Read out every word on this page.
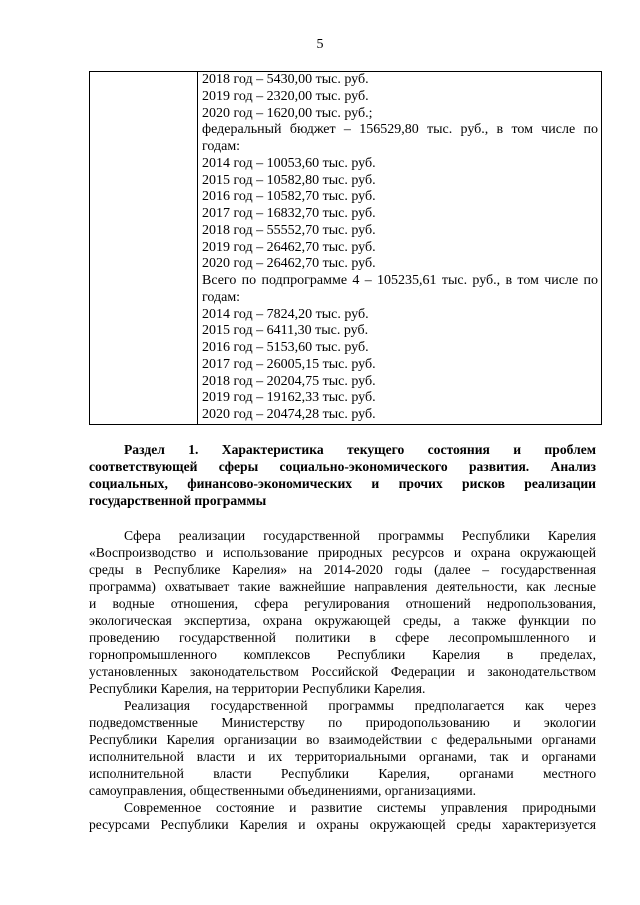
5

2018 год – 5430,00 тыс. руб.
2019 год – 2320,00 тыс. руб.
2020 год – 1620,00 тыс. руб.;
федеральный бюджет – 156529,80 тыс. руб., в том числе по
годам:
2014 год – 10053,60 тыс. руб.
2015 год – 10582,80 тыс. руб.
2016 год – 10582,70 тыс. руб.
2017 год – 16832,70 тыс. руб.
2018 год – 55552,70 тыс. руб.
2019 год – 26462,70 тыс. руб.
2020 год – 26462,70 тыс. руб.
Всего по подпрограмме 4 – 105235,61 тыс. руб., в том числе по
годам:
2014 год – 7824,20 тыс. руб.
2015 год – 6411,30 тыс. руб.
2016 год – 5153,60 тыс. руб.
2017 год – 26005,15 тыс. руб.
2018 год – 20204,75 тыс. руб.
2019 год – 19162,33 тыс. руб.
2020 год – 20474,28 тыс. руб.
Раздел 1. Характеристика текущего состояния и проблем
соответствующей сферы социально-экономического развития. Анализ
социальных, финансово-экономических и прочих рисков реализации
государственной программы
Сфера реализации государственной программы Республики Карелия
«Воспроизводство и использование природных ресурсов и охрана окружающей
среды в Республике Карелия» на 2014-2020 годы (далее – государственная
программа) охватывает такие важнейшие направления деятельности, как лесные
и водные отношения, сфера регулирования отношений недропользования,
экологическая экспертиза, охрана окружающей среды, а также функции по
проведению государственной политики в сфере лесопромышленного и
горнопромышленного комплексов Республики Карелия в пределах,
установленных законодательством Российской Федерации и законодательством
Республики Карелия, на территории Республики Карелия.
Реализация государственной программы предполагается как через
подведомственные Министерству по природопользованию и экологии
Республики Карелия организации во взаимодействии с федеральными органами
исполнительной власти и их территориальными органами, так и органами
исполнительной власти Республики Карелия, органами местного
самоуправления, общественными объединениями, организациями.
Современное состояние и развитие системы управления природными
ресурсами Республики Карелия и охраны окружающей среды характеризуется
